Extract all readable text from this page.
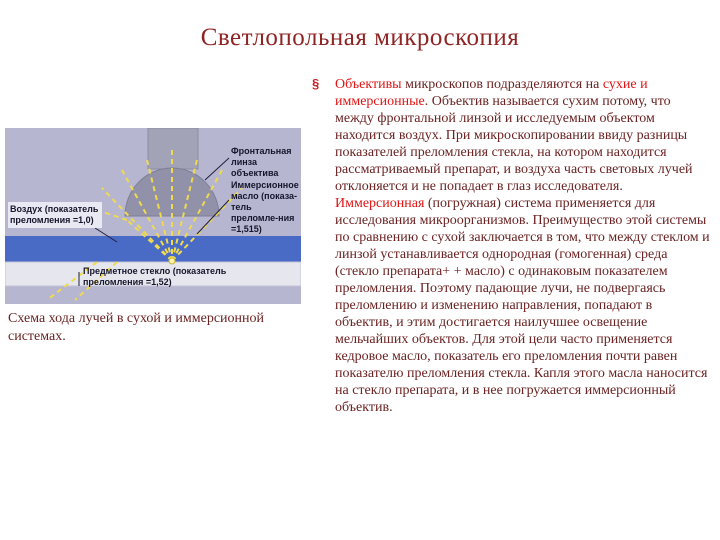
Светлопольная микроскопия
Фронтальная линза объектива
Иммерсионное масло (показа-тель преломле-ния =1,515)
Воздух (показатель преломления =1,0)
Предметное стекло (показатель преломления =1,52)
Схема хода лучей в сухой и иммерсионной системах.
§ Объективы микроскопов подразделяются на сухие и иммерсионные. Объектив называется сухим потому, что между фронтальной линзой и исследуемым объектом находится воздух. При микроскопировании ввиду разницы показателей преломления стекла, на котором находится рассматриваемый препарат, и воздуха часть световых лучей отклоняется и не попадает в глаз исследователя.

Иммерсионная (погружная) система применяется для исследования микроорганизмов. Преимущество этой системы по сравнению с сухой заключается в том, что между стеклом и линзой устанавливается однородная (гомогенная) среда (стекло препарата+ + масло) с одинаковым показателем преломления. Поэтому падающие лучи, не подвергаясь преломлению и изменению направления, попадают в объектив, и этим достигается наилучшее освещение мельчайших объектов. Для этой цели часто применяется кедровое масло, показатель его преломления почти равен показателю преломления стекла. Капля этого масла наносится на стекло препарата, и в нее погружается иммерсионный объектив.
